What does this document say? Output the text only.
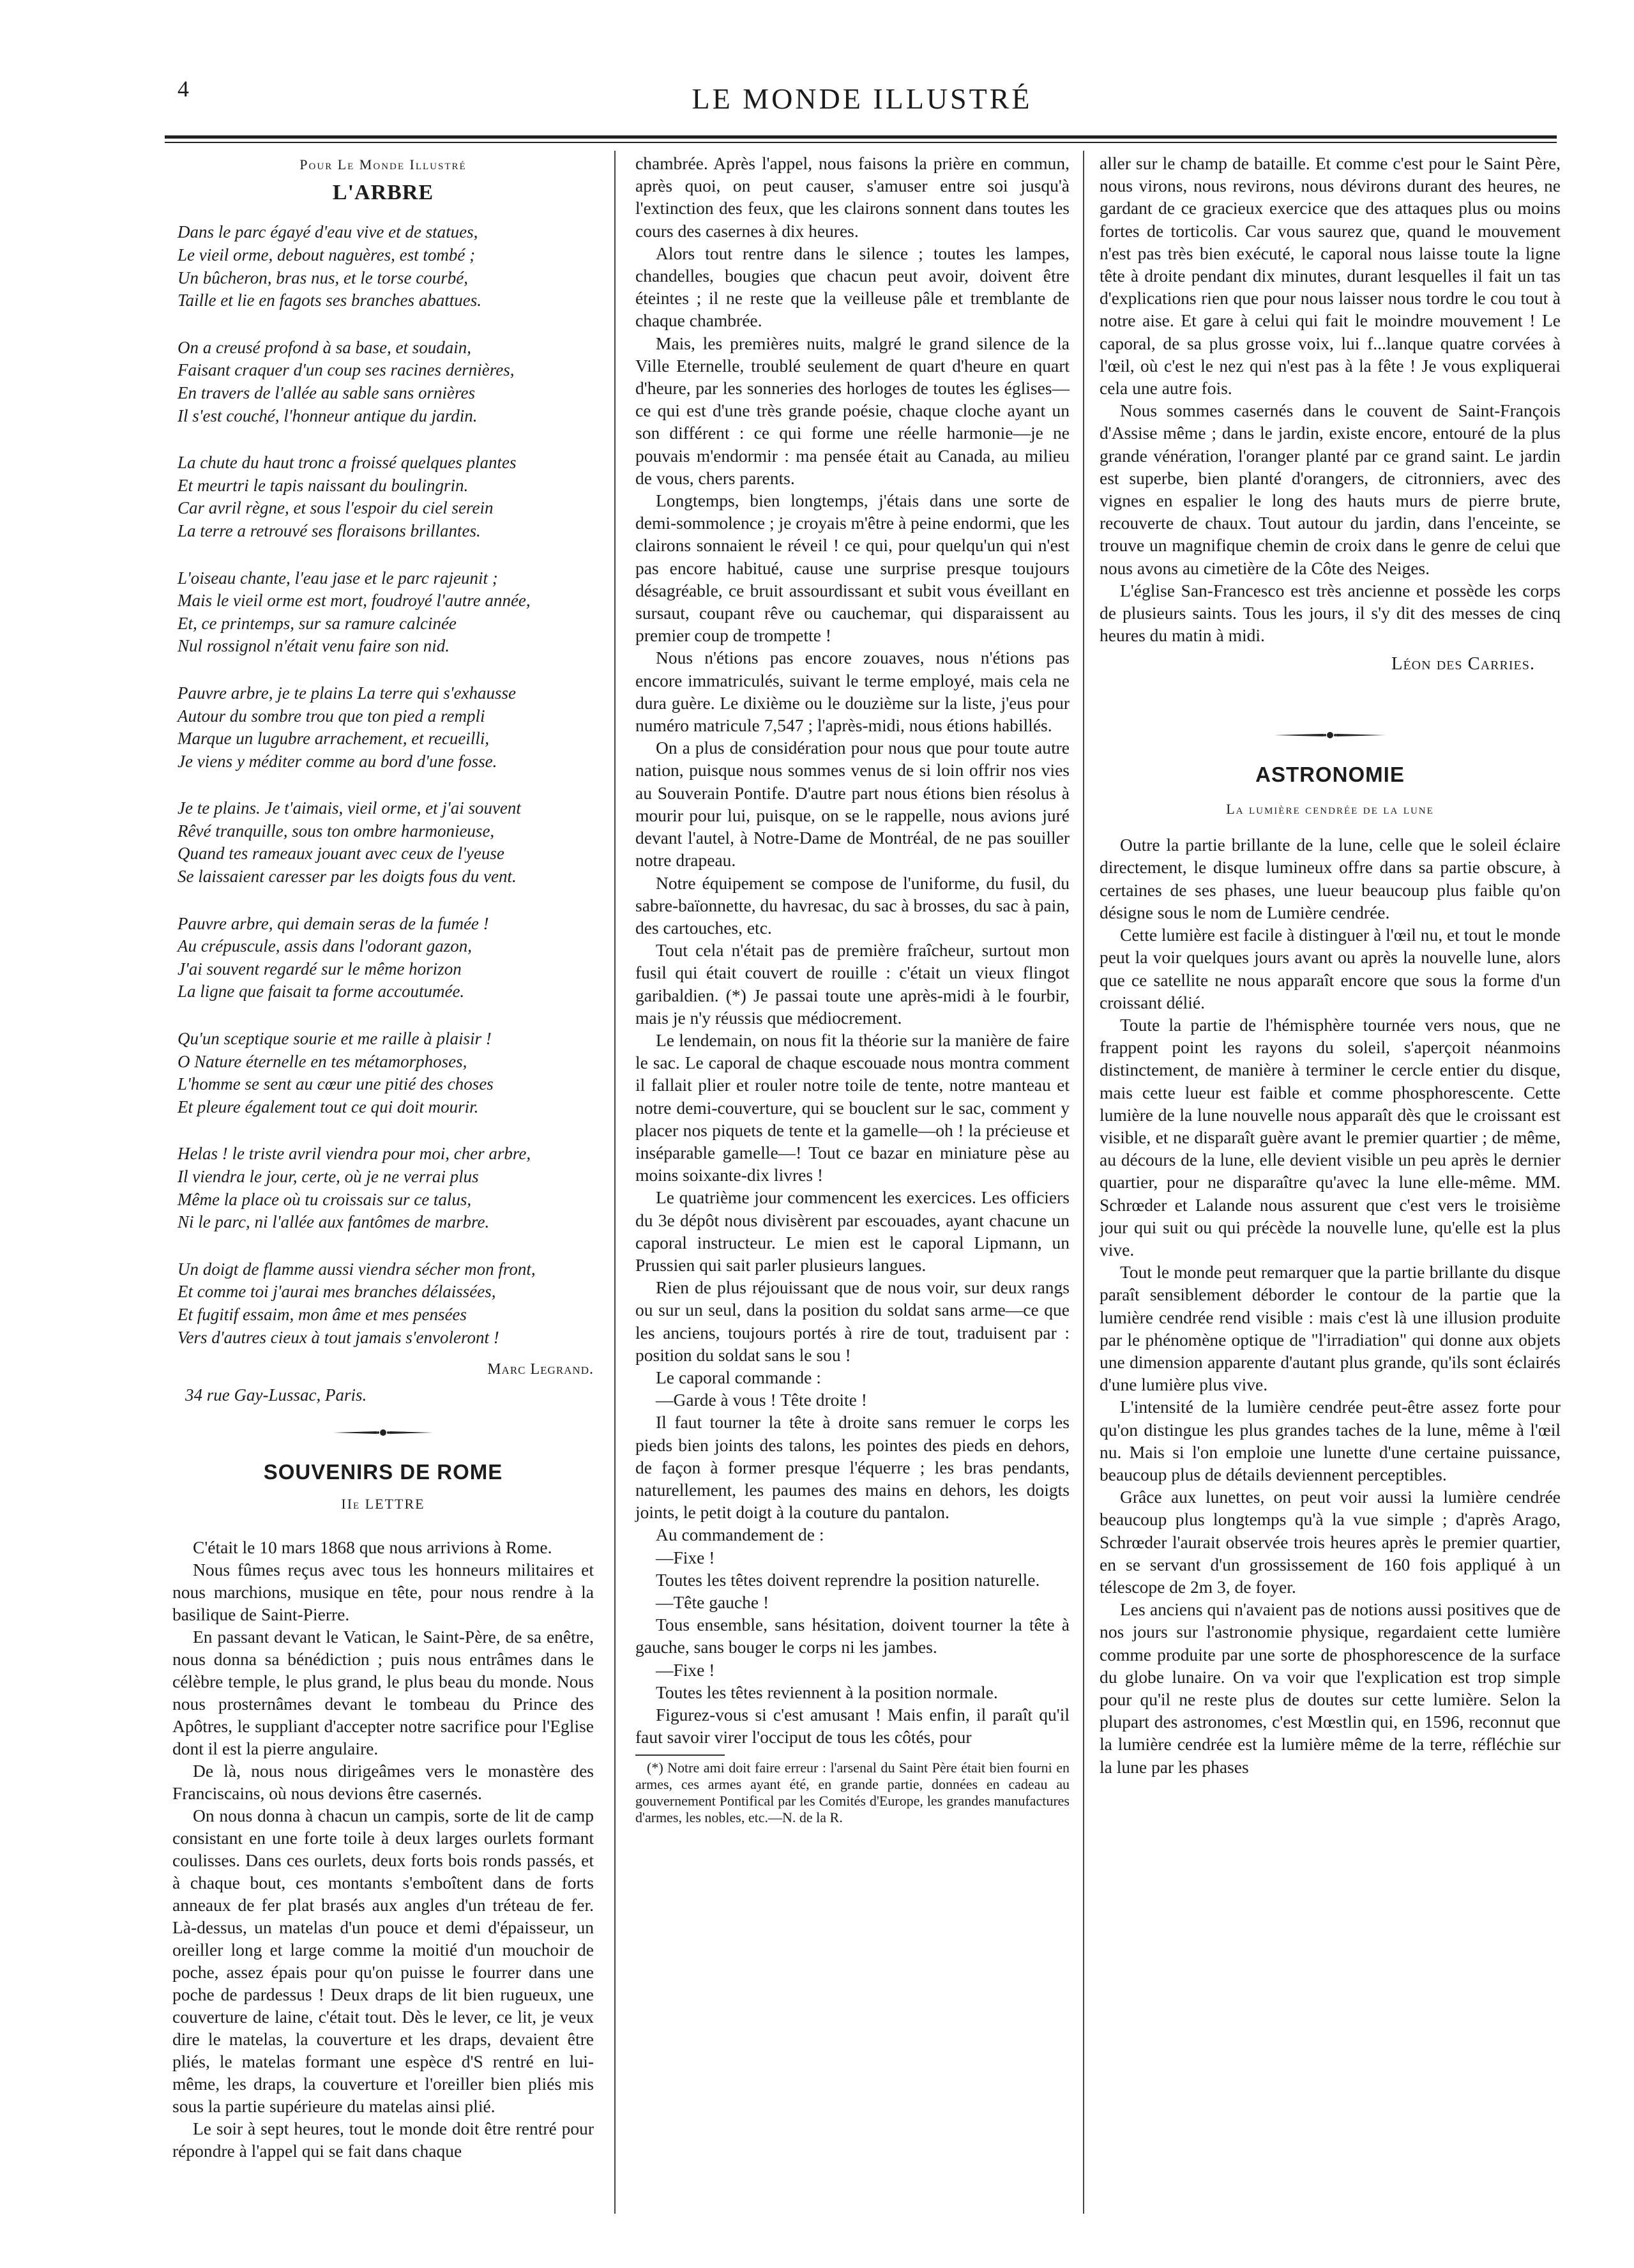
4	LE MONDE ILLUSTRÉ
Pour Le Monde Illustré
L'ARBRE
Dans le parc égayé d'eau vive et de statues,
Le vieil orme, debout naguères, est tombé ;
Un bûcheron, bras nus, et le torse courbé,
Taille et lie en fagots ses branches abattues.
On a creusé profond à sa base, et soudain,
Faisant craquer d'un coup ses racines dernières,
En travers de l'allée au sable sans ornières
Il s'est couché, l'honneur antique du jardin.
La chute du haut tronc a froissé quelques plantes
Et meurtri le tapis naissant du boulingrin.
Car avril règne, et sous l'espoir du ciel serein
La terre a retrouvé ses floraisons brillantes.
L'oiseau chante, l'eau jase et le parc rajeunit ;
Mais le vieil orme est mort, foudroyé l'autre année,
Et, ce printemps, sur sa ramure calcinée
Nul rossignol n'était venu faire son nid.
Pauvre arbre, je te plains La terre qui s'exhausse
Autour du sombre trou que ton pied a rempli
Marque un lugubre arrachement, et recueilli,
Je viens y méditer comme au bord d'une fosse.
Je te plains. Je t'aimais, vieil orme, et j'ai souvent
Rêvé tranquille, sous ton ombre harmonieuse,
Quand tes rameaux jouant avec ceux de l'yeuse
Se laissaient caresser par les doigts fous du vent.
Pauvre arbre, qui demain seras de la fumée !
Au crépuscule, assis dans l'odorant gazon,
J'ai souvent regardé sur le même horizon
La ligne que faisait ta forme accoutumée.
Qu'un sceptique sourie et me raille à plaisir !
O Nature éternelle en tes métamorphoses,
L'homme se sent au cœur une pitié des choses
Et pleure également tout ce qui doit mourir.
Helas ! le triste avril viendra pour moi, cher arbre,
Il viendra le jour, certe, où je ne verrai plus
Même la place où tu croissais sur ce talus,
Ni le parc, ni l'allée aux fantômes de marbre.
Un doigt de flamme aussi viendra sécher mon front,
Et comme toi j'aurai mes branches délaissées,
Et fugitif essaim, mon âme et mes pensées
Vers d'autres cieux à tout jamais s'envoleront !

Marc Legrand.

34 rue Gay-Lussac, Paris.

SOUVENIRS DE ROME
IIe LETTRE

C'était le 10 mars 1868 que nous arrivions à Rome.

Nous fûmes reçus avec tous les honneurs militaires et nous marchions, musique en tête, pour nous rendre à la basilique de Saint-Pierre.

En passant devant le Vatican, le Saint-Père, de sa enêtre, nous donna sa bénédiction ; puis nous entrâmes dans le célèbre temple, le plus grand, le plus beau du monde. Nous nous prosternâmes devant le tombeau du Prince des Apôtres, le suppliant d'accepter notre sacrifice pour l'Eglise dont il est la pierre angulaire.

De là, nous nous dirigeâmes vers le monastère des Franciscains, où nous devions être casernés.

On nous donna à chacun un campis, sorte de lit de camp consistant en une forte toile à deux larges ourlets formant coulisses. Dans ces ourlets, deux forts bois ronds passés, et à chaque bout, ces montants s'emboîtent dans de forts anneaux de fer plat brasés aux angles d'un tréteau de fer. Là-dessus, un matelas d'un pouce et demi d'épaisseur, un oreiller long et large comme la moitié d'un mouchoir de poche, assez épais pour qu'on puisse le fourrer dans une poche de pardessus ! Deux draps de lit bien rugueux, une couverture de laine, c'était tout. Dès le lever, ce lit, je veux dire le matelas, la couverture et les draps, devaient être pliés, le matelas formant une espèce d'S rentré en lui-même, les draps, la couverture et l'oreiller bien pliés mis sous la partie supérieure du matelas ainsi plié.

Le soir à sept heures, tout le monde doit être rentré pour répondre à l'appel qui se fait dans chaque

chambrée. Après l'appel, nous faisons la prière en commun, après quoi, on peut causer, s'amuser entre soi jusqu'à l'extinction des feux, que les clairons sonnent dans toutes les cours des casernes à dix heures.

Alors tout rentre dans le silence ; toutes les lampes, chandelles, bougies que chacun peut avoir, doivent être éteintes ; il ne reste que la veilleuse pâle et tremblante de chaque chambrée.

Mais, les premières nuits, malgré le grand silence de la Ville Eternelle, troublé seulement de quart d'heure en quart d'heure, par les sonneries des horloges de toutes les églises—ce qui est d'une très grande poésie, chaque cloche ayant un son différent : ce qui forme une réelle harmonie—je ne pouvais m'endormir : ma pensée était au Canada, au milieu de vous, chers parents.

Longtemps, bien longtemps, j'étais dans une sorte de demi-sommolence ; je croyais m'être à peine endormi, que les clairons sonnaient le réveil ! ce qui, pour quelqu'un qui n'est pas encore habitué, cause une surprise presque toujours désagréable, ce bruit assourdissant et subit vous éveillant en sursaut, coupant rêve ou cauchemar, qui disparaissent au premier coup de trompette !

Nous n'étions pas encore zouaves, nous n'étions pas encore immatriculés, suivant le terme employé, mais cela ne dura guère. Le dixième ou le douzième sur la liste, j'eus pour numéro matricule 7,547 ; l'après-midi, nous étions habillés.

On a plus de considération pour nous que pour toute autre nation, puisque nous sommes venus de si loin offrir nos vies au Souverain Pontife. D'autre part nous étions bien résolus à mourir pour lui, puisque, on se le rappelle, nous avions juré devant l'autel, à Notre-Dame de Montréal, de ne pas souiller notre drapeau.

Notre équipement se compose de l'uniforme, du fusil, du sabre-baïonnette, du havresac, du sac à brosses, du sac à pain, des cartouches, etc.

Tout cela n'était pas de première fraîcheur, surtout mon fusil qui était couvert de rouille : c'était un vieux flingot garibaldien. (*) Je passai toute une après-midi à le fourbir, mais je n'y réussis que médiocrement.

Le lendemain, on nous fit la théorie sur la manière de faire le sac. Le caporal de chaque escouade nous montra comment il fallait plier et rouler notre toile de tente, notre manteau et notre demi-couverture, qui se bouclent sur le sac, comment y placer nos piquets de tente et la gamelle—oh ! la précieuse et inséparable gamelle—! Tout ce bazar en miniature pèse au moins soixante-dix livres !

Le quatrième jour commencent les exercices. Les officiers du 3e dépôt nous divisèrent par escouades, ayant chacune un caporal instructeur. Le mien est le caporal Lipmann, un Prussien qui sait parler plusieurs langues.

Rien de plus réjouissant que de nous voir, sur deux rangs ou sur un seul, dans la position du soldat sans arme—ce que les anciens, toujours portés à rire de tout, traduisent par : position du soldat sans le sou !

Le caporal commande :

—Garde à vous ! Tête droite !

Il faut tourner la tête à droite sans remuer le corps les pieds bien joints des talons, les pointes des pieds en dehors, de façon à former presque l'équerre ; les bras pendants, naturellement, les paumes des mains en dehors, les doigts joints, le petit doigt à la couture du pantalon.

Au commandement de :

—Fixe !

Toutes les têtes doivent reprendre la position naturelle.

—Tête gauche !

Tous ensemble, sans hésitation, doivent tourner la tête à gauche, sans bouger le corps ni les jambes.

—Fixe !

Toutes les têtes reviennent à la position normale.

Figurez-vous si c'est amusant ! Mais enfin, il paraît qu'il faut savoir virer l'occiput de tous les côtés, pour

(*) Notre ami doit faire erreur : l'arsenal du Saint Père était bien fourni en armes, ces armes ayant été, en grande partie, données en cadeau au gouvernement Pontifical par les Comités d'Europe, les grandes manufactures d'armes, les nobles, etc.—N. de la R.

aller sur le champ de bataille. Et comme c'est pour le Saint Père, nous virons, nous revirons, nous dévirons durant des heures, ne gardant de ce gracieux exercice que des attaques plus ou moins fortes de torticolis. Car vous saurez que, quand le mouvement n'est pas très bien exécuté, le caporal nous laisse toute la ligne tête à droite pendant dix minutes, durant lesquelles il fait un tas d'explications rien que pour nous laisser nous tordre le cou tout à notre aise. Et gare à celui qui fait le moindre mouvement ! Le caporal, de sa plus grosse voix, lui f...lanque quatre corvées à l'œil, où c'est le nez qui n'est pas à la fête ! Je vous expliquerai cela une autre fois.

Nous sommes casernés dans le couvent de Saint-François d'Assise même ; dans le jardin, existe encore, entouré de la plus grande vénération, l'oranger planté par ce grand saint. Le jardin est superbe, bien planté d'orangers, de citronniers, avec des vignes en espalier le long des hauts murs de pierre brute, recouverte de chaux. Tout autour du jardin, dans l'enceinte, se trouve un magnifique chemin de croix dans le genre de celui que nous avons au cimetière de la Côte des Neiges.

L'église San-Francesco est très ancienne et possède les corps de plusieurs saints. Tous les jours, il s'y dit des messes de cinq heures du matin à midi.

Léon des Carries.

ASTRONOMIE
La lumière cendrée de la lune

Outre la partie brillante de la lune, celle que le soleil éclaire directement, le disque lumineux offre dans sa partie obscure, à certaines de ses phases, une lueur beaucoup plus faible qu'on désigne sous le nom de Lumière cendrée.

Cette lumière est facile à distinguer à l'œil nu, et tout le monde peut la voir quelques jours avant ou après la nouvelle lune, alors que ce satellite ne nous apparaît encore que sous la forme d'un croissant délié.

Toute la partie de l'hémisphère tournée vers nous, que ne frappent point les rayons du soleil, s'aperçoit néanmoins distinctement, de manière à terminer le cercle entier du disque, mais cette lueur est faible et comme phosphorescente. Cette lumière de la lune nouvelle nous apparaît dès que le croissant est visible, et ne disparaît guère avant le premier quartier ; de même, au décours de la lune, elle devient visible un peu après le dernier quartier, pour ne disparaître qu'avec la lune elle-même. MM. Schrœder et Lalande nous assurent que c'est vers le troisième jour qui suit ou qui précède la nouvelle lune, qu'elle est la plus vive.

Tout le monde peut remarquer que la partie brillante du disque paraît sensiblement déborder le contour de la partie que la lumière cendrée rend visible : mais c'est là une illusion produite par le phénomène optique de "l'irradiation" qui donne aux objets une dimension apparente d'autant plus grande, qu'ils sont éclairés d'une lumière plus vive.

L'intensité de la lumière cendrée peut-être assez forte pour qu'on distingue les plus grandes taches de la lune, même à l'œil nu. Mais si l'on emploie une lunette d'une certaine puissance, beaucoup plus de détails deviennent perceptibles.

Grâce aux lunettes, on peut voir aussi la lumière cendrée beaucoup plus longtemps qu'à la vue simple ; d'après Arago, Schrœder l'aurait observée trois heures après le premier quartier, en se servant d'un grossissement de 160 fois appliqué à un télescope de 2m 3, de foyer.

Les anciens qui n'avaient pas de notions aussi positives que de nos jours sur l'astronomie physique, regardaient cette lumière comme produite par une sorte de phosphorescence de la surface du globe lunaire. On va voir que l'explication est trop simple pour qu'il ne reste plus de doutes sur cette lumière. Selon la plupart des astronomes, c'est Mœstlin qui, en 1596, reconnut que la lumière cendrée est la lumière même de la terre, réfléchie sur la lune par les phases
